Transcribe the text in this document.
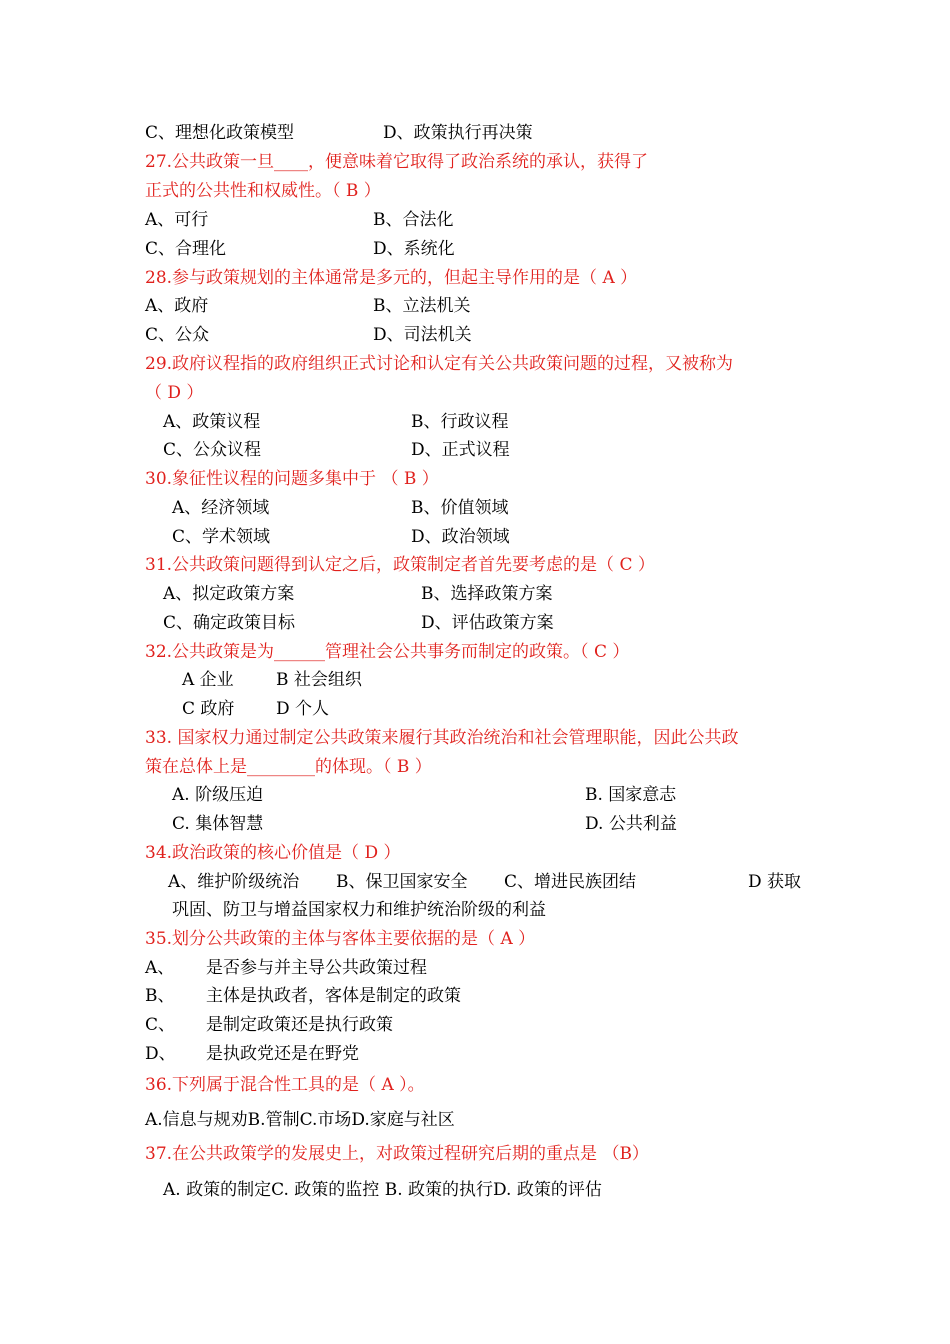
C、理想化政策模型	D、政策执行再决策
27.公共政策一旦____，便意味着它取得了政治系统的承认，获得了
正式的公共性和权威性。（ B ）
A、可行	B、合法化
C、合理化	D、系统化
28.参与政策规划的主体通常是多元的，但起主导作用的是（ A ）
A、政府	B、立法机关
C、公众	D、司法机关
29.政府议程指的政府组织正式讨论和认定有关公共政策问题的过程，又被称为
（ D ）
A、政策议程	B、行政议程
C、公众议程	D、正式议程
30.象征性议程的问题多集中于 （ B ）
A、经济领域	B、价值领域
C、学术领域	D、政治领域
31.公共政策问题得到认定之后，政策制定者首先要考虑的是（ C ）
A、拟定政策方案	B、选择政策方案
C、确定政策目标	D、评估政策方案
32.公共政策是为______管理社会公共事务而制定的政策。（ C ）
A 企业 B 社会组织
C 政府 D 个人
33. 国家权力通过制定公共政策来履行其政治统治和社会管理职能，因此公共政
策在总体上是________的体现。（ B ）
A. 阶级压迫	B. 国家意志
C. 集体智慧	D. 公共利益
34.政治政策的核心价值是（ D ）
A、维护阶级统治 B、保卫国家安全 C、增进民族团结	D 获取
巩固、防卫与增益国家权力和维护统治阶级的利益
35.划分公共政策的主体与客体主要依据的是（ A ）
A、 是否参与并主导公共政策过程
B、 主体是执政者，客体是制定的政策
C、 是制定政策还是执行政策
D、 是执政党还是在野党
36.下列属于混合性工具的是（ A ）。
A.信息与规劝B.管制C.市场D.家庭与社区
37.在公共政策学的发展史上，对政策过程研究后期的重点是 （B）
A. 政策的制定C. 政策的监控 B. 政策的执行D. 政策的评估
